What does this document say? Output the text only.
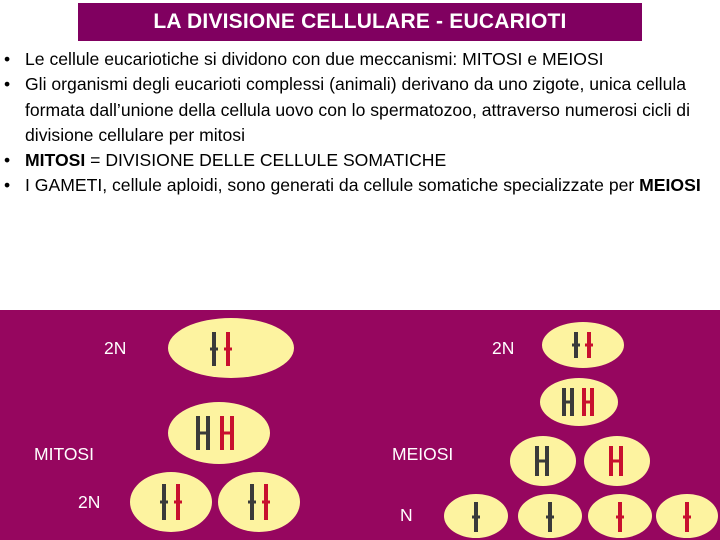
LA DIVISIONE CELLULARE - EUCARIOTI
• Le cellule eucariotiche si dividono con due meccanismi: MITOSI e MEIOSI
• Gli organismi degli eucarioti complessi (animali) derivano da uno zigote, unica cellula formata dall’unione della cellula uovo con lo spermatozoo, attraverso numerosi cicli di divisione cellulare per mitosi
• MITOSI = DIVISIONE DELLE CELLULE SOMATICHE
• I GAMETI, cellule aploidi, sono generati da cellule somatiche specializzate per MEIOSI
2N
MITOSI
2N
2N
MEIOSI
N
